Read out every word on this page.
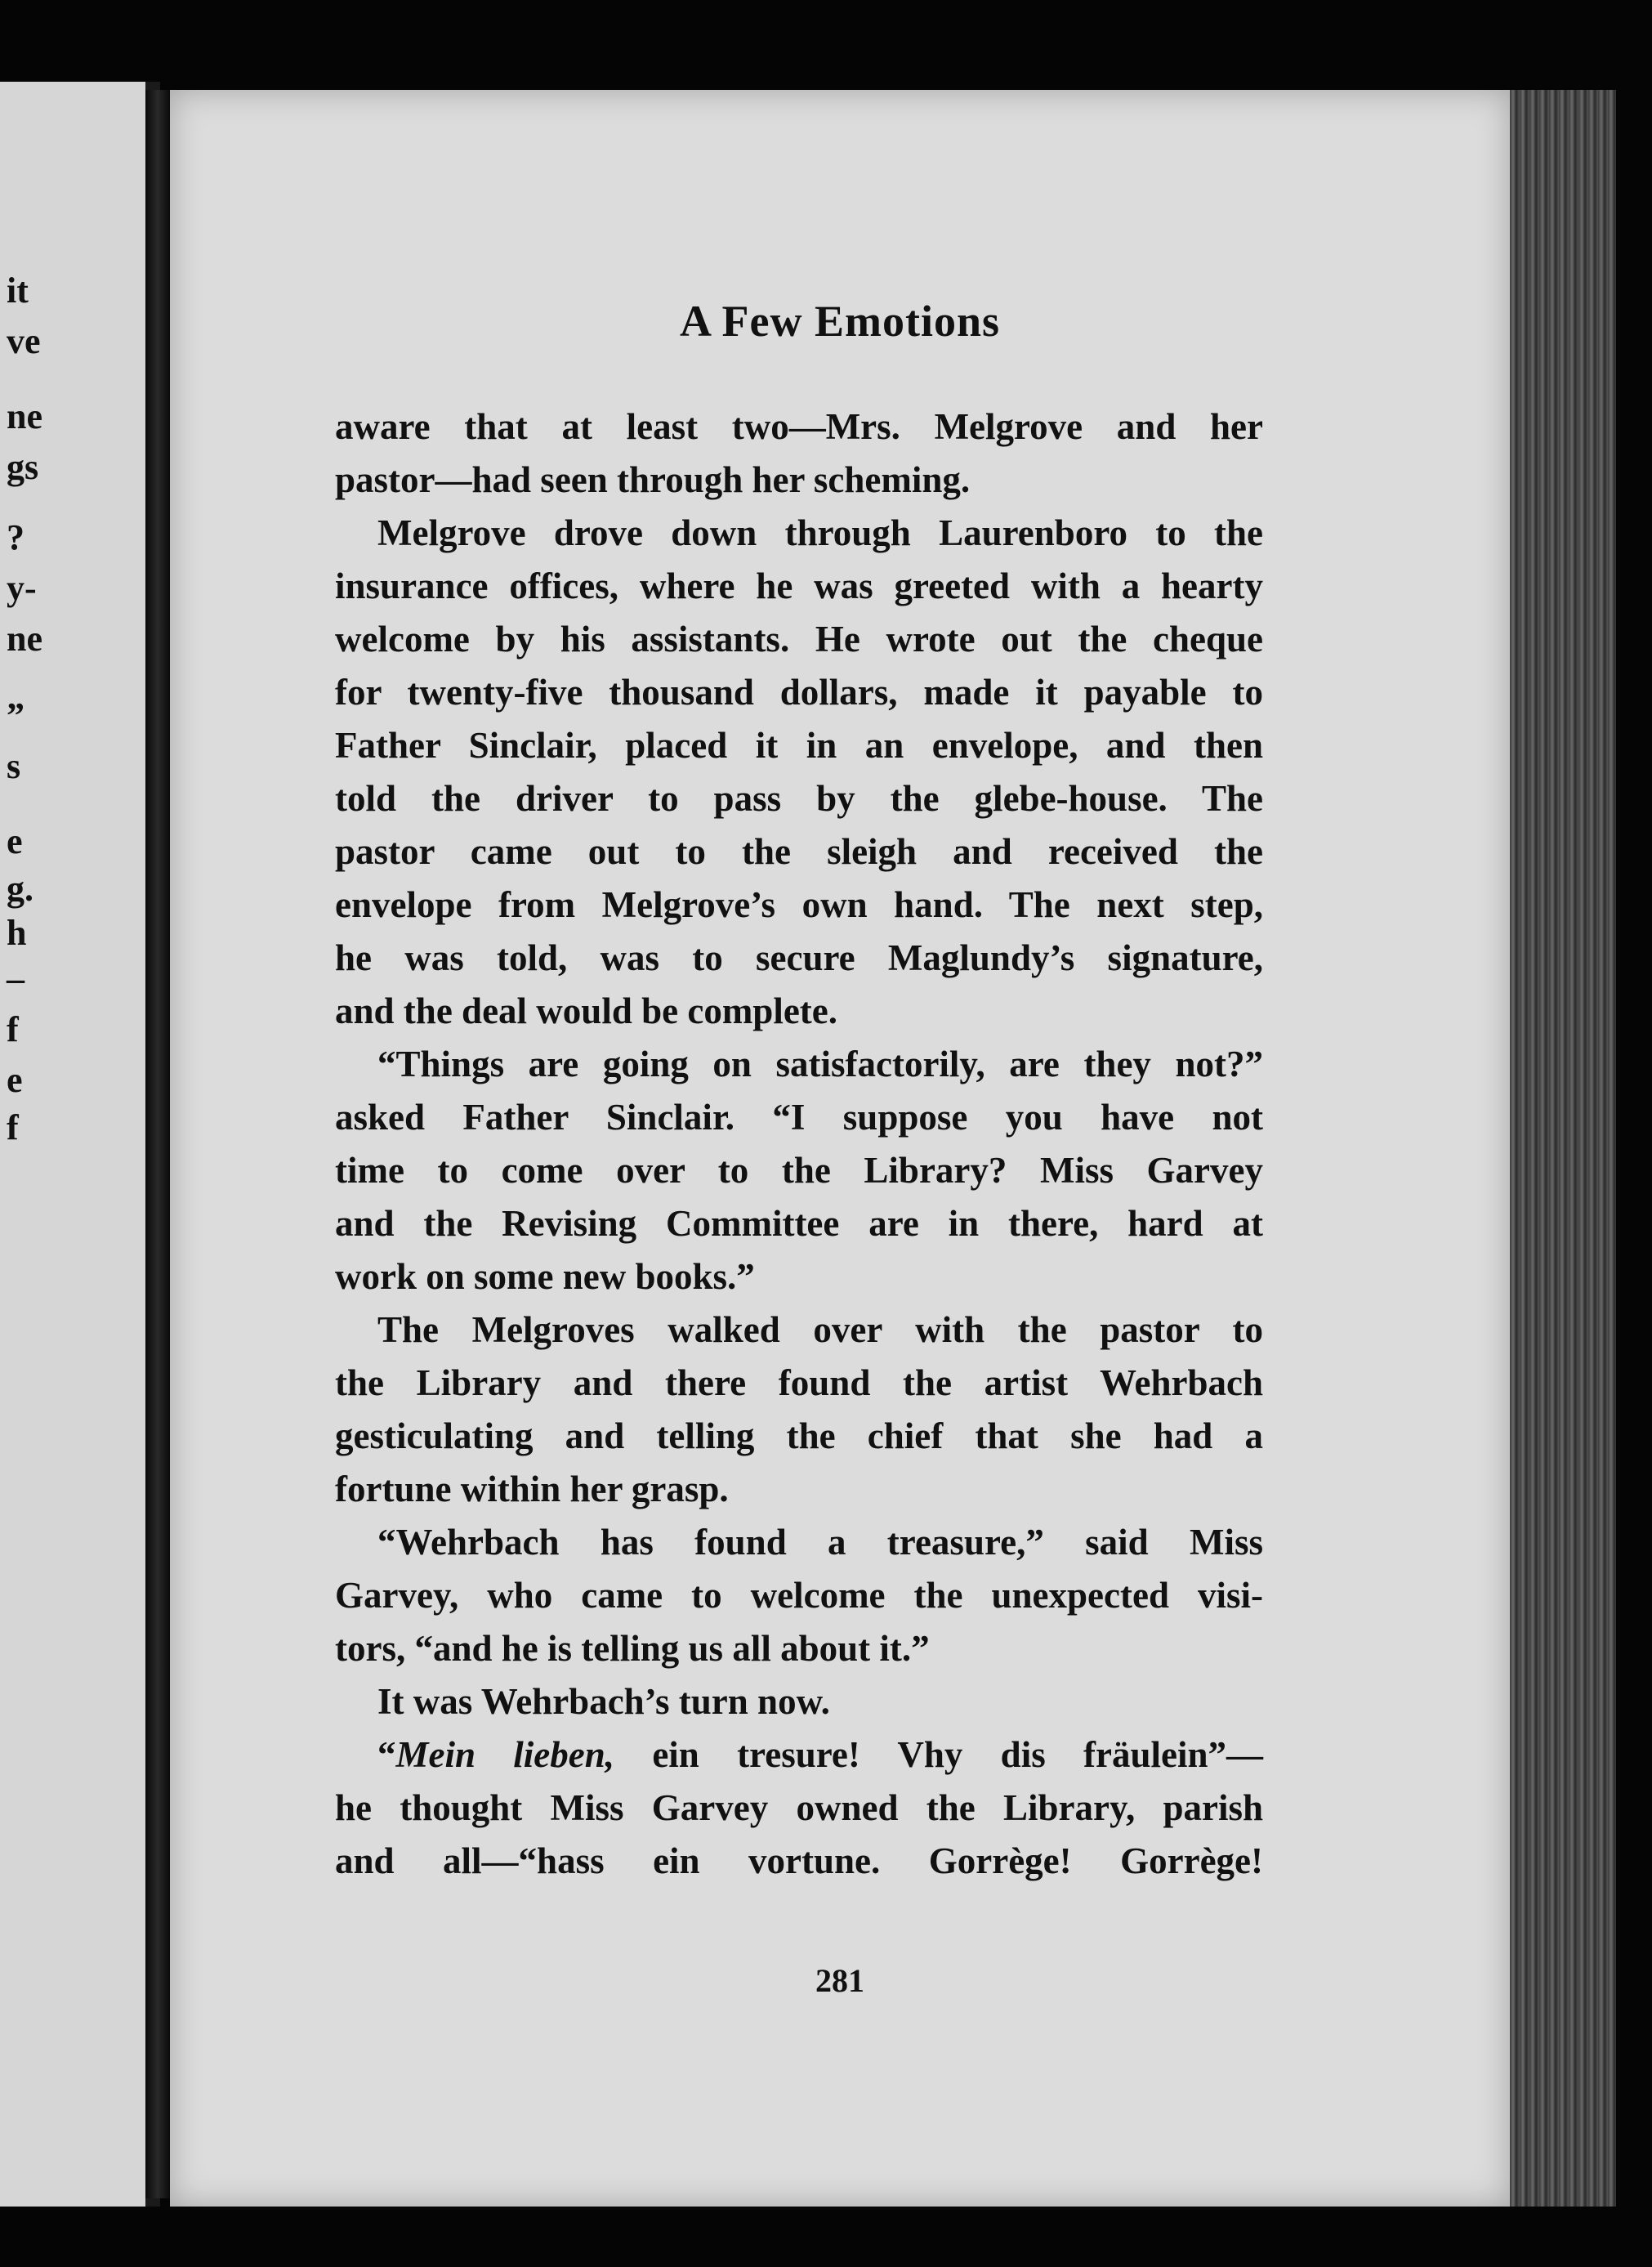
it
ve
ne
gs
?
y-
ne
”
s
e
g.
h
–
f
e
f
A Few Emotions
aware that at least two—Mrs. Melgrove and her
pastor—had seen through her scheming.
Melgrove drove down through Laurenboro to the
insurance offices, where he was greeted with a hearty
welcome by his assistants. He wrote out the cheque
for twenty-five thousand dollars, made it payable to
Father Sinclair, placed it in an envelope, and then
told the driver to pass by the glebe-house. The
pastor came out to the sleigh and received the
envelope from Melgrove’s own hand. The next step,
he was told, was to secure Maglundy’s signature,
and the deal would be complete.
“Things are going on satisfactorily, are they not?”
asked Father Sinclair. “I suppose you have not
time to come over to the Library? Miss Garvey
and the Revising Committee are in there, hard at
work on some new books.”
The Melgroves walked over with the pastor to
the Library and there found the artist Wehrbach
gesticulating and telling the chief that she had a
fortune within her grasp.
“Wehrbach has found a treasure,” said Miss
Garvey, who came to welcome the unexpected visi-
tors, “and he is telling us all about it.”
It was Wehrbach’s turn now.
“Mein lieben, ein tresure! Vhy dis fräulein”—
he thought Miss Garvey owned the Library, parish
and all—“hass ein vortune. Gorrège! Gorrège!
281
